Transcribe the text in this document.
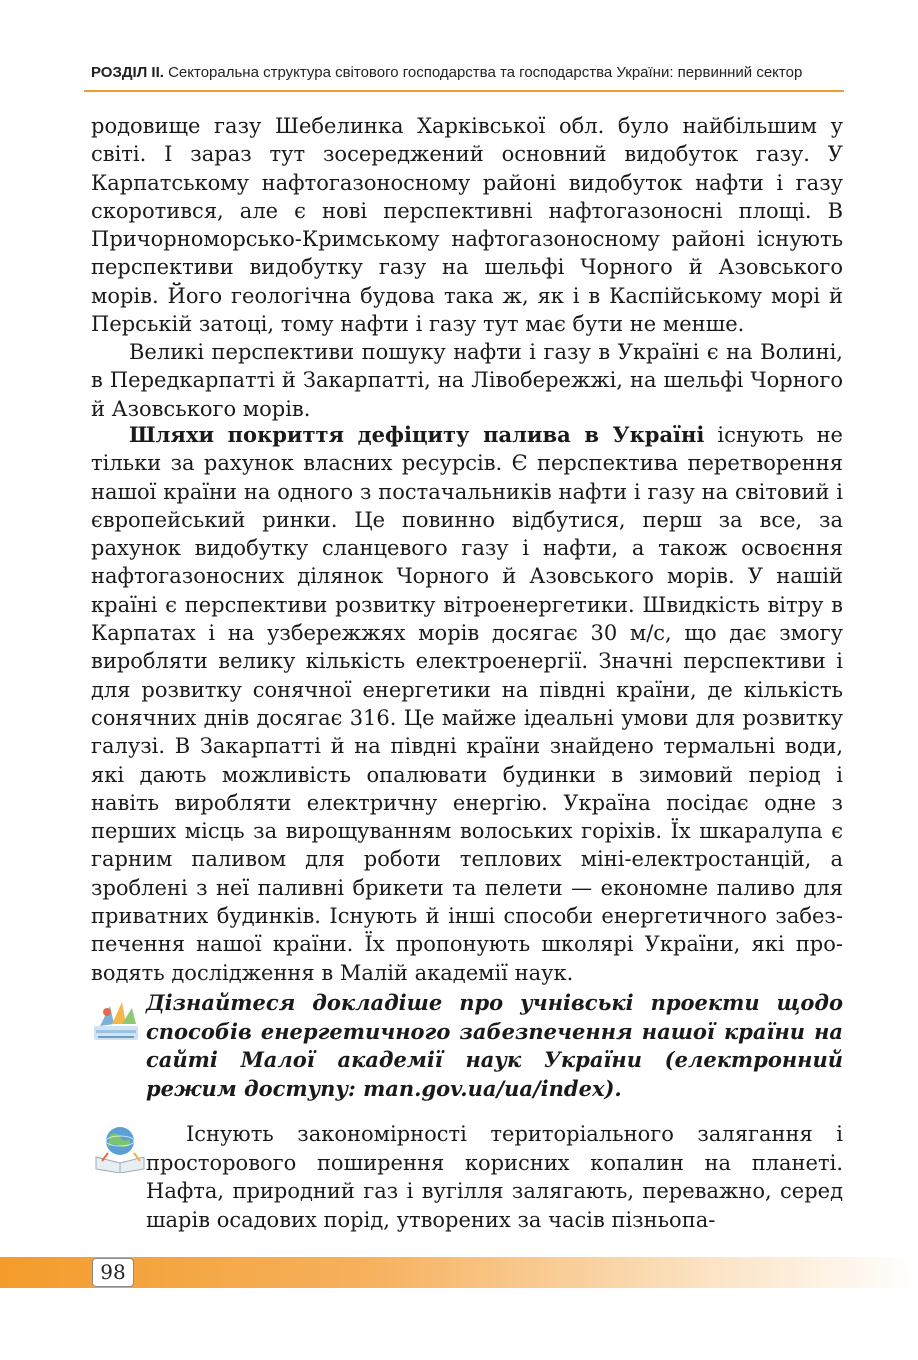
РОЗДІЛ II. Секторальна структура світового господарства та господарства України: первинний сектор

родовище газу Шебелинка Харківської обл. було найбільшим у світі. І зараз тут зосереджений основний видобуток газу. У Карпатському нафтогазоносному районі видобуток нафти і газу скоротився, але є нові перспективні нафтогазоносні площі. В Причорноморсько-Кримському нафтогазоносному районі існують перспективи видобутку газу на шельфі Чорного й Азовського морів. Його геологічна будова така ж, як і в Каспійському морі й Перській затоці, тому нафти і газу тут має бути не менше.

Великі перспективи пошуку нафти і газу в Україні є на Волині, в Передкарпатті й Закарпатті, на Лівобережжі, на шельфі Чорного й Азовського морів.

Шляхи покриття дефіциту палива в Україні існують не тільки за рахунок власних ресурсів. Є перспектива перетворення нашої країни на одного з постачальників нафти і газу на світовий і європейський ринки. Це повинно відбутися, перш за все, за рахунок видобутку сланцевого газу і нафти, а також освоєння нафтогазоносних ділянок Чорного й Азовського морів. У нашій країні є перспективи розвитку вітроенергетики. Швидкість вітру в Карпатах і на узбережжях морів досягає 30 м/с, що дає змогу виробляти велику кількість електроенергії. Значні перспективи і для розвитку сонячної енергетики на півдні країни, де кількість сонячних днів досягає 316. Це майже ідеальні умови для розвитку галузі. В Закарпатті й на півдні країни знайдено термальні води, які дають можливість опалювати будинки в зимовий період і навіть виробляти електричну енергію. Україна посідає одне з перших місць за вирощуванням волоських горіхів. Їх шкаралупа є гарним паливом для роботи теплових міні-електростанцій, а зроблені з неї паливні брикети та пелети — економне паливо для приватних будинків. Існують й інші способи енергетичного забезпечення нашої країни. Їх пропонують школярі України, які проводять дослідження в Малій академії наук.

Дізнайтеся докладіше про учнівські проекти щодо способів енергетичного забезпечення нашої країни на сайті Малої академії наук України (електронний режим доступу: man.gov.ua/ua/index).

Існують закономірності територіального залягання і просторового поширення корисних копалин на планеті. Нафта, природний газ і вугілля залягають, переважно, серед шарів осадових порід, утворених за часів пізньопа-

98
